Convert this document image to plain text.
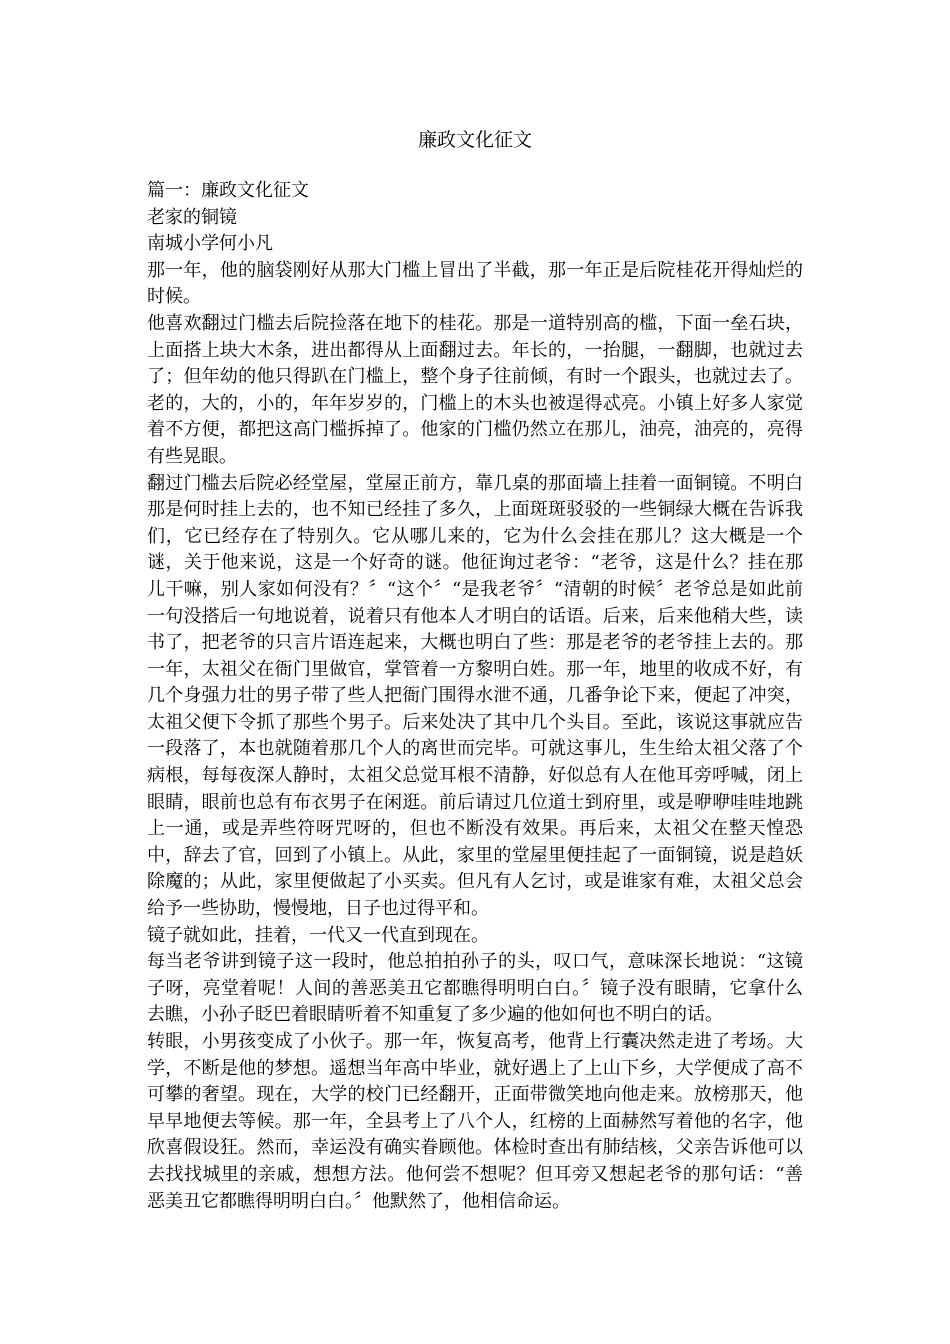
廉政文化征文

篇一：廉政文化征文

老家的铜镜

南城小学何小凡

那一年，他的脑袋刚好从那大门槛上冒出了半截，那一年正是后院桂花开得灿烂的时候。

他喜欢翻过门槛去后院捡落在地下的桂花。那是一道特别高的槛，下面一垒石块，上面搭上块大木条，进出都得从上面翻过去。年长的，一抬腿，一翻脚，也就过去了；但年幼的他只得趴在门槛上，整个身子往前倾，有时一个跟头，也就过去了。老的，大的，小的，年年岁岁的，门槛上的木头也被逞得忒亮。小镇上好多人家觉着不方便，都把这高门槛拆掉了。他家的门槛仍然立在那儿，油亮，油亮的，亮得有些晃眼。

翻过门槛去后院必经堂屋，堂屋正前方，靠几桌的那面墙上挂着一面铜镜。不明白那是何时挂上去的，也不知已经挂了多久，上面斑斑驳驳的一些铜绿大概在告诉我们，它已经存在了特别久。它从哪儿来的，它为什么会挂在那儿？这大概是一个谜，关于他来说，这是一个好奇的谜。他征询过老爷：“老爷，这是什么？挂在那儿干嘛，别人家如何没有？〞“这个〞“是我老爷〞“清朝的时候〞老爷总是如此前一句没搭后一句地说着，说着只有他本人才明白的话语。后来，后来他稍大些，读书了，把老爷的只言片语连起来，大概也明白了些：那是老爷的老爷挂上去的。那一年，太祖父在衙门里做官，掌管着一方黎明白姓。那一年，地里的收成不好，有几个身强力壮的男子带了些人把衙门围得水泄不通，几番争论下来，便起了冲突，太祖父便下令抓了那些个男子。后来处决了其中几个头目。至此，该说这事就应告一段落了，本也就随着那几个人的离世而完毕。可就这事儿，生生给太祖父落了个病根，每每夜深人静时，太祖父总觉耳根不清静，好似总有人在他耳旁呼喊，闭上眼睛，眼前也总有布衣男子在闲逛。前后请过几位道士到府里，或是咿咿哇哇地跳上一通，或是弄些符呀咒呀的，但也不断没有效果。再后来，太祖父在整天惶恐中，辞去了官，回到了小镇上。从此，家里的堂屋里便挂起了一面铜镜，说是趋妖除魔的；从此，家里便做起了小买卖。但凡有人乞讨，或是谁家有难，太祖父总会给予一些协助，慢慢地，日子也过得平和。

镜子就如此，挂着，一代又一代直到现在。

每当老爷讲到镜子这一段时，他总拍拍孙子的头，叹口气，意味深长地说：“这镜子呀，亮堂着呢！人间的善恶美丑它都瞧得明明白白。〞镜子没有眼睛，它拿什么去瞧，小孙子眨巴着眼睛听着不知重复了多少遍的他如何也不明白的话。

转眼，小男孩变成了小伙子。那一年，恢复高考，他背上行囊决然走进了考场。大学，不断是他的梦想。遥想当年高中毕业，就好遇上了上山下乡，大学便成了高不可攀的奢望。现在，大学的校门已经翻开，正面带微笑地向他走来。放榜那天，他早早地便去等候。那一年，全县考上了八个人，红榜的上面赫然写着他的名字，他欣喜假设狂。然而，幸运没有确实眷顾他。体检时查出有肺结核，父亲告诉他可以去找找城里的亲戚，想想方法。他何尝不想呢？但耳旁又想起老爷的那句话：“善恶美丑它都瞧得明明白白。〞他默然了，他相信命运。
